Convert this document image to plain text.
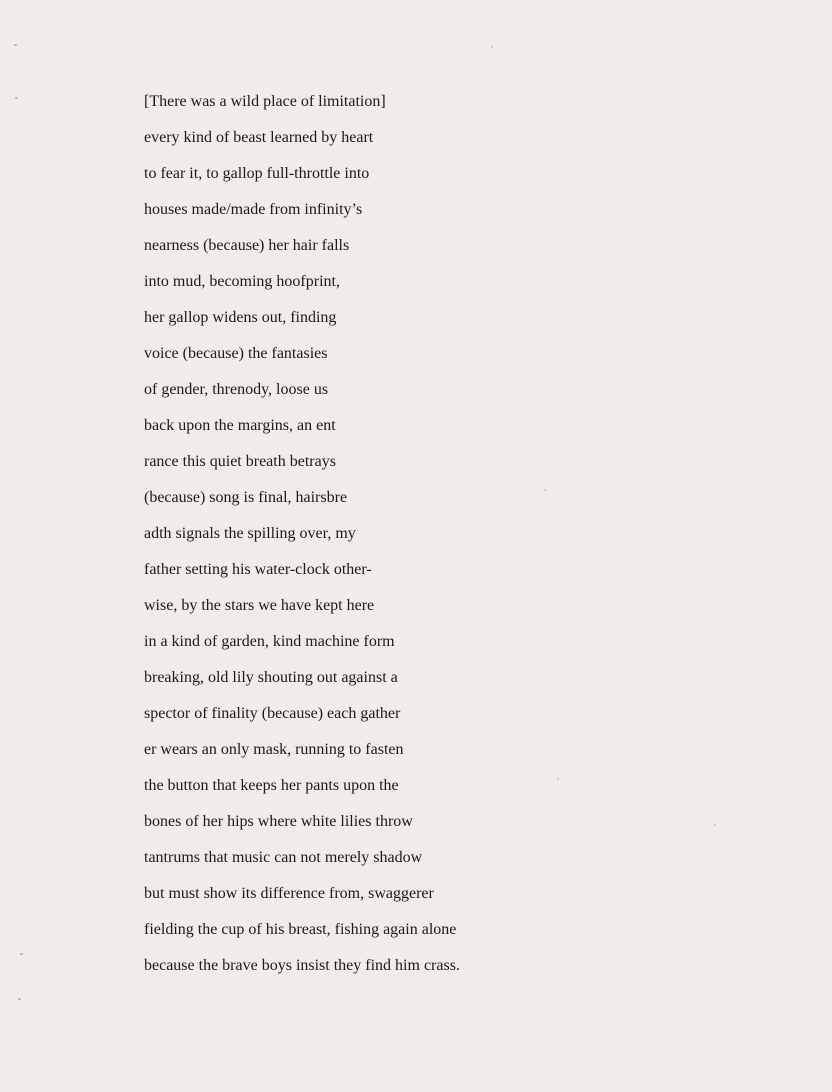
[There was a wild place of limitation]
every kind of beast learned by heart
to fear it, to gallop full-throttle into
houses made/made from infinity’s
nearness (because) her hair falls
into mud, becoming hoofprint,
her gallop widens out, finding
voice (because) the fantasies
of gender, threnody, loose us
back upon the margins, an ent
rance this quiet breath betrays
(because) song is final, hairsbre
adth signals the spilling over, my
father setting his water-clock other-
wise, by the stars we have kept here
in a kind of garden, kind machine form
breaking, old lily shouting out against a
spector of finality (because) each gather
er wears an only mask, running to fasten
the button that keeps her pants upon the
bones of her hips where white lilies throw
tantrums that music can not merely shadow
but must show its difference from, swaggerer
fielding the cup of his breast, fishing again alone
because the brave boys insist they find him crass.
